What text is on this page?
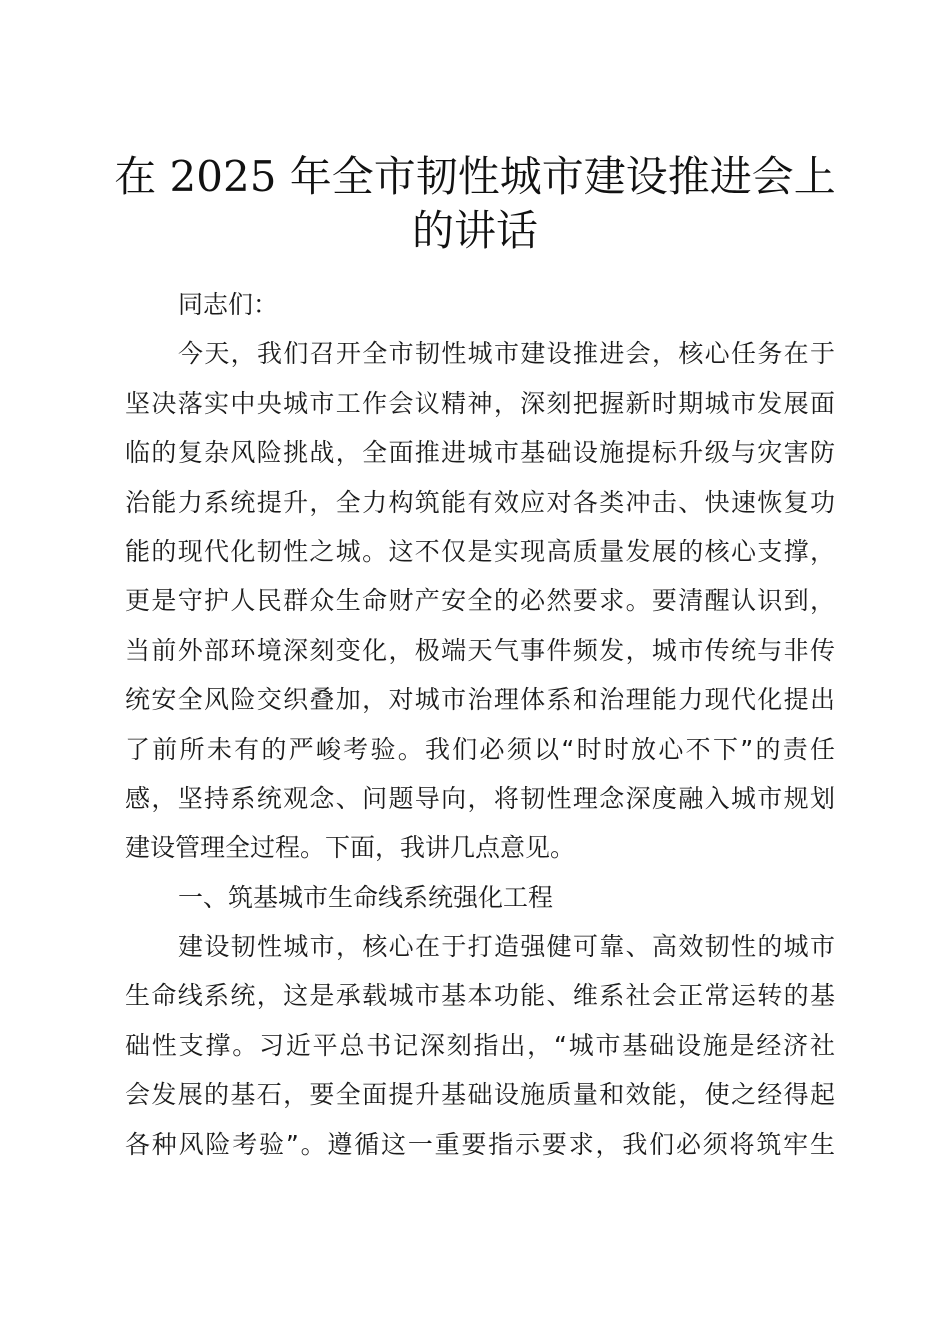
在 2025 年全市韧性城市建设推进会上
的讲话
同志们：
今天，我们召开全市韧性城市建设推进会，核心任务在于
坚决落实中央城市工作会议精神，深刻把握新时期城市发展面
临的复杂风险挑战，全面推进城市基础设施提标升级与灾害防
治能力系统提升，全力构筑能有效应对各类冲击、快速恢复功
能的现代化韧性之城。这不仅是实现高质量发展的核心支撑，
更是守护人民群众生命财产安全的必然要求。要清醒认识到，
当前外部环境深刻变化，极端天气事件频发，城市传统与非传
统安全风险交织叠加，对城市治理体系和治理能力现代化提出
了前所未有的严峻考验。我们必须以“时时放心不下”的责任
感，坚持系统观念、问题导向，将韧性理念深度融入城市规划
建设管理全过程。下面，我讲几点意见。
一、筑基城市生命线系统强化工程
建设韧性城市，核心在于打造强健可靠、高效韧性的城市
生命线系统，这是承载城市基本功能、维系社会正常运转的基
础性支撑。习近平总书记深刻指出，“城市基础设施是经济社
会发展的基石，要全面提升基础设施质量和效能，使之经得起
各种风险考验”。遵循这一重要指示要求，我们必须将筑牢生
